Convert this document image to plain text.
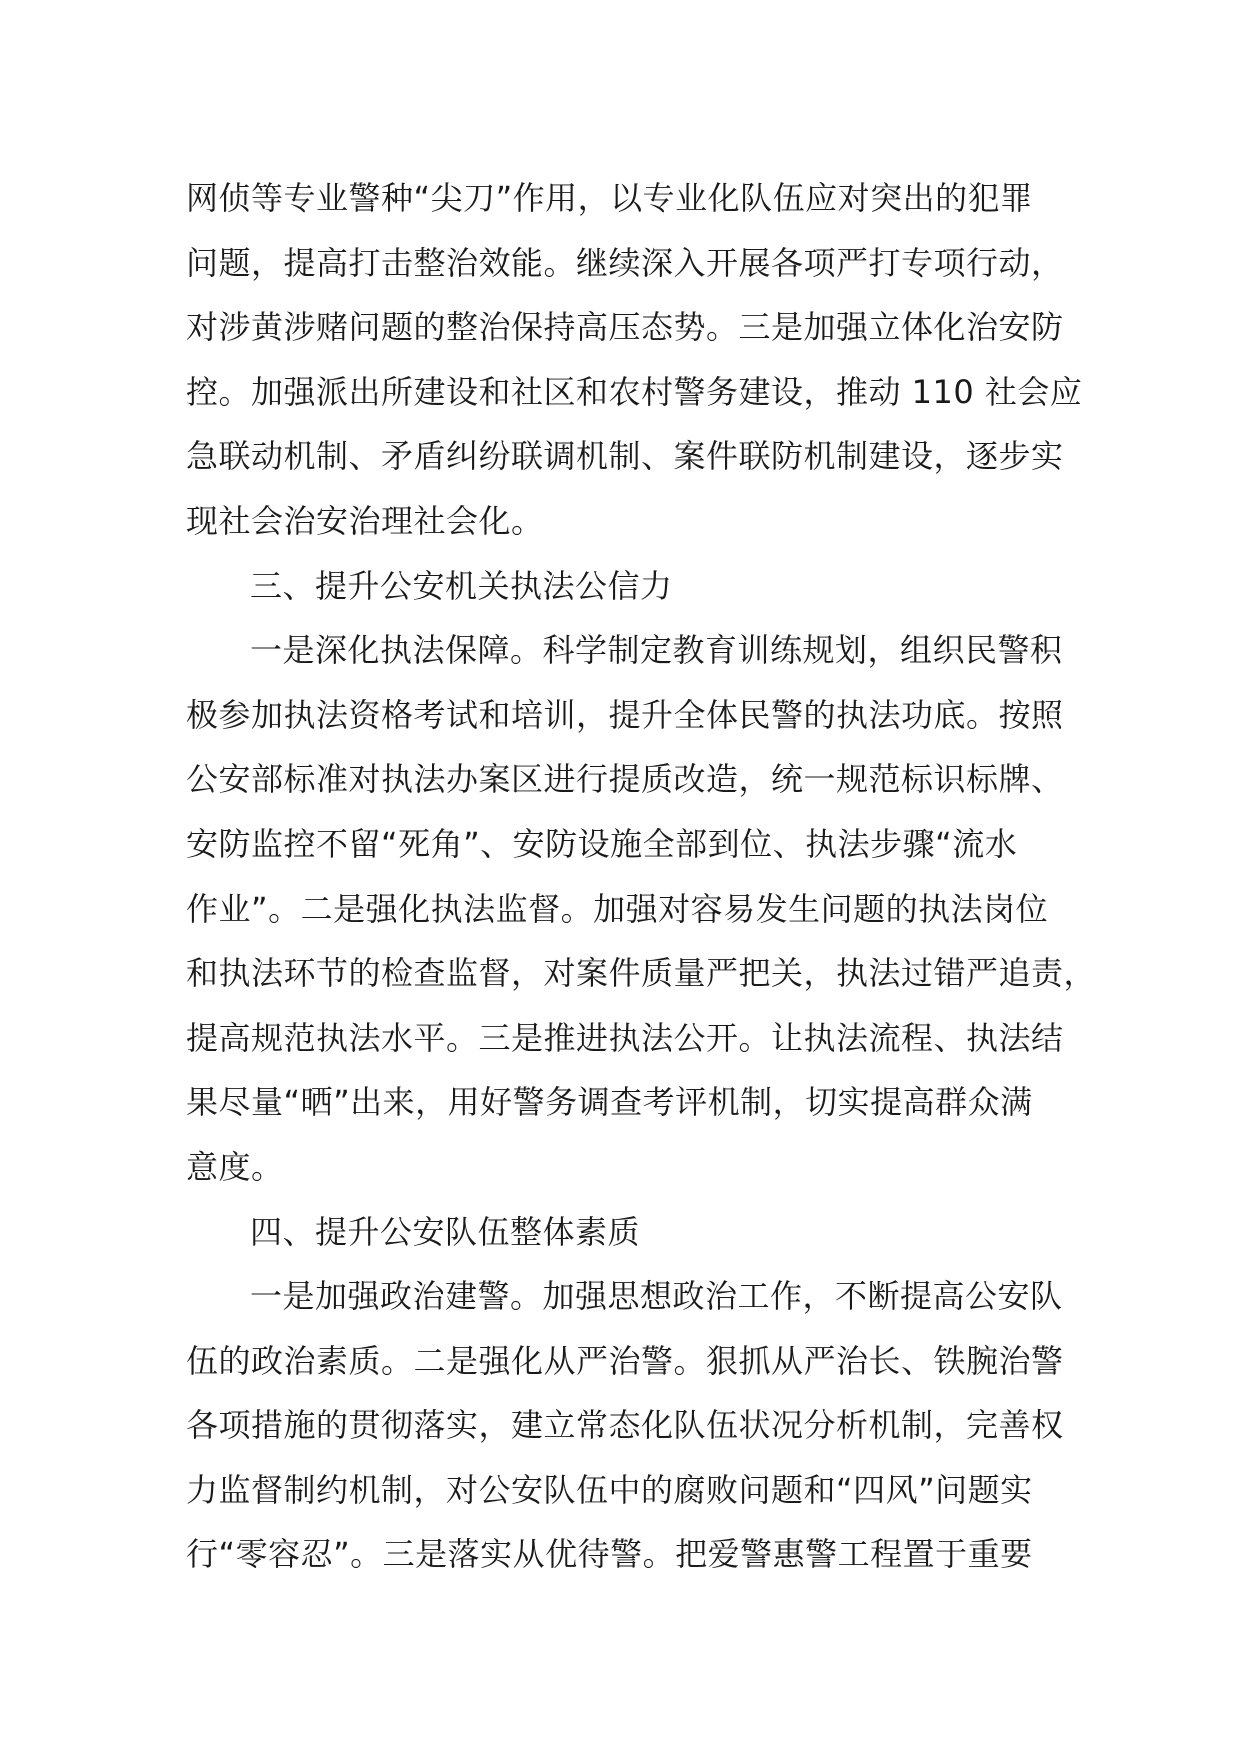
网侦等专业警种“尖刀”作用，以专业化队伍应对突出的犯罪
问题，提高打击整治效能。继续深入开展各项严打专项行动，
对涉黄涉赌问题的整治保持高压态势。三是加强立体化治安防
控。加强派出所建设和社区和农村警务建设，推动 110 社会应
急联动机制、矛盾纠纷联调机制、案件联防机制建设，逐步实
现社会治安治理社会化。
三、提升公安机关执法公信力
一是深化执法保障。科学制定教育训练规划，组织民警积
极参加执法资格考试和培训，提升全体民警的执法功底。按照
公安部标准对执法办案区进行提质改造，统一规范标识标牌、
安防监控不留“死角”、安防设施全部到位、执法步骤“流水
作业”。二是强化执法监督。加强对容易发生问题的执法岗位
和执法环节的检查监督，对案件质量严把关，执法过错严追责，
提高规范执法水平。三是推进执法公开。让执法流程、执法结
果尽量“晒”出来，用好警务调查考评机制，切实提高群众满
意度。
四、提升公安队伍整体素质
一是加强政治建警。加强思想政治工作，不断提高公安队
伍的政治素质。二是强化从严治警。狠抓从严治长、铁腕治警
各项措施的贯彻落实，建立常态化队伍状况分析机制，完善权
力监督制约机制，对公安队伍中的腐败问题和“四风”问题实
行“零容忍”。三是落实从优待警。把爱警惠警工程置于重要
